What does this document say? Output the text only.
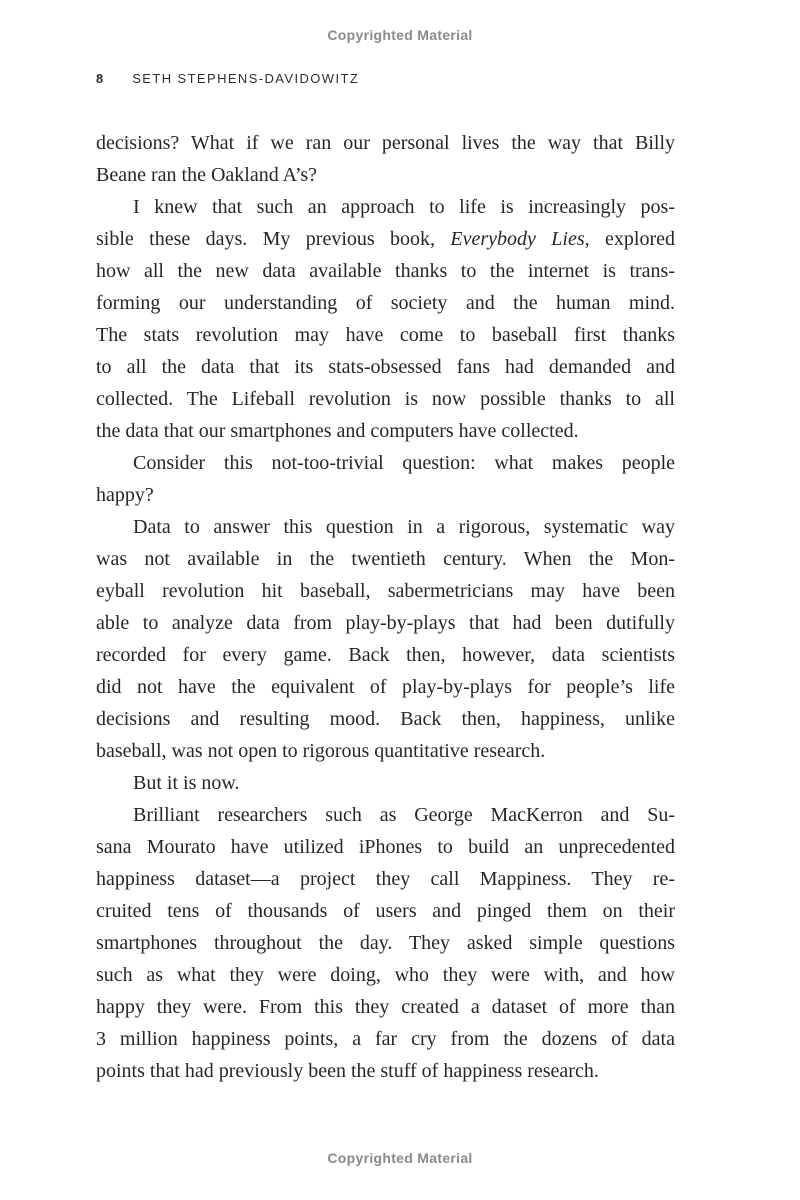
Copyrighted Material
8 SETH STEPHENS-DAVIDOWITZ
decisions? What if we ran our personal lives the way that Billy
Beane ran the Oakland A’s?
I knew that such an approach to life is increasingly pos-
sible these days. My previous book, Everybody Lies, explored
how all the new data available thanks to the internet is trans-
forming our understanding of society and the human mind.
The stats revolution may have come to baseball first thanks
to all the data that its stats-obsessed fans had demanded and
collected. The Lifeball revolution is now possible thanks to all
the data that our smartphones and computers have collected.
Consider this not-too-trivial question: what makes people
happy?
Data to answer this question in a rigorous, systematic way
was not available in the twentieth century. When the Mon-
eyball revolution hit baseball, sabermetricians may have been
able to analyze data from play-by-plays that had been dutifully
recorded for every game. Back then, however, data scientists
did not have the equivalent of play-by-plays for people’s life
decisions and resulting mood. Back then, happiness, unlike
baseball, was not open to rigorous quantitative research.
But it is now.
Brilliant researchers such as George MacKerron and Su-
sana Mourato have utilized iPhones to build an unprecedented
happiness dataset—a project they call Mappiness. They re-
cruited tens of thousands of users and pinged them on their
smartphones throughout the day. They asked simple questions
such as what they were doing, who they were with, and how
happy they were. From this they created a dataset of more than
3 million happiness points, a far cry from the dozens of data
points that had previously been the stuff of happiness research.
Copyrighted Material
